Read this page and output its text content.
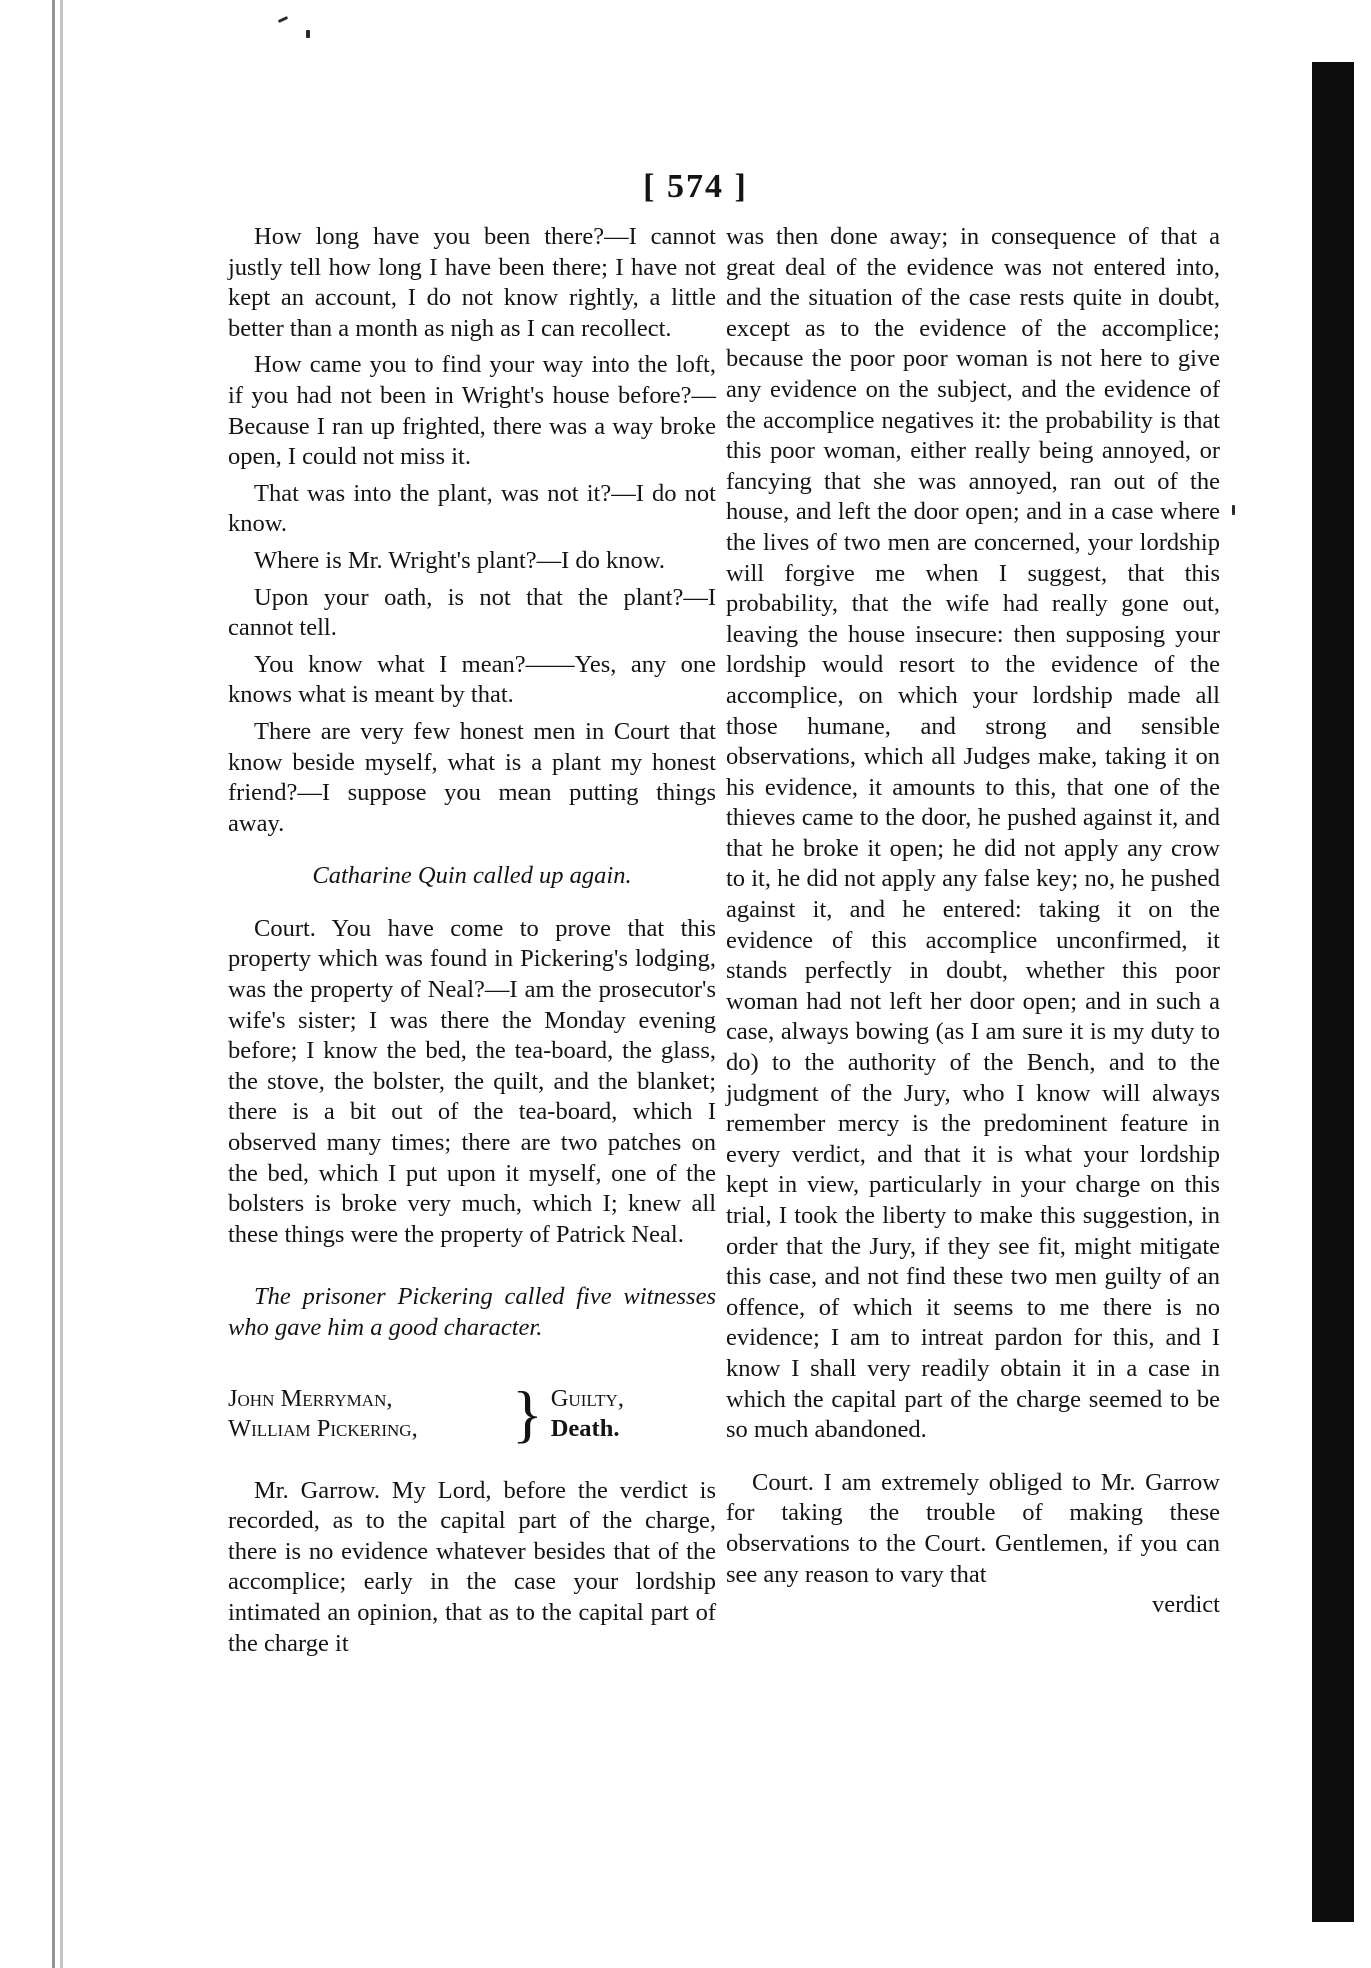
[ 574 ]

How long have you been there?—I cannot justly tell how long I have been there; I have not kept an account, I do not know rightly, a little better than a month as nigh as I can recollect.

How came you to find your way into the loft, if you had not been in Wright's house before?—Because I ran up frighted, there was a way broke open, I could not miss it.

That was into the plant, was not it?—I do not know.

Where is Mr. Wright's plant?—I do know.

Upon your oath, is not that the plant?—I cannot tell.

You know what I mean?——Yes, any one knows what is meant by that.

There are very few honest men in Court that know beside myself, what is a plant my honest friend?—I suppose you mean putting things away.

Catharine Quin called up again.

Court. You have come to prove that this property which was found in Pickering's lodging, was the property of Neal?—I am the prosecutor's wife's sister; I was there the Monday evening before; I know the bed, the tea-board, the glass, the stove, the bolster, the quilt, and the blanket; there is a bit out of the tea-board, which I observed many times; there are two patches on the bed, which I put upon it myself, one of the bolsters is broke very much, which I; knew all these things were the property of Patrick Neal.

The prisoner Pickering called five witnesses who gave him a good character.

John Merryman,
William Pickering,	} Guilty,
Death.

Mr. Garrow. My Lord, before the verdict is recorded, as to the capital part of the charge, there is no evidence whatever besides that of the accomplice; early in the case your lordship intimated an opinion, that as to the capital part of the charge it

was then done away; in consequence of that a great deal of the evidence was not entered into, and the situation of the case rests quite in doubt, except as to the evidence of the accomplice; because the poor poor woman is not here to give any evidence on the subject, and the evidence of the accomplice negatives it: the probability is that this poor woman, either really being annoyed, or fancying that she was annoyed, ran out of the house, and left the door open; and in a case where the lives of two men are concerned, your lordship will forgive me when I suggest, that this probability, that the wife had really gone out, leaving the house insecure: then supposing your lordship would resort to the evidence of the accomplice, on which your lordship made all those humane, and strong and sensible observations, which all Judges make, taking it on his evidence, it amounts to this, that one of the thieves came to the door, he pushed against it, and that he broke it open; he did not apply any crow to it, he did not apply any false key; no, he pushed against it, and he entered: taking it on the evidence of this accomplice unconfirmed, it stands perfectly in doubt, whether this poor woman had not left her door open; and in such a case, always bowing (as I am sure it is my duty to do) to the authority of the Bench, and to the judgment of the Jury, who I know will always remember mercy is the predominent feature in every verdict, and that it is what your lordship kept in view, particularly in your charge on this trial, I took the liberty to make this suggestion, in order that the Jury, if they see fit, might mitigate this case, and not find these two men guilty of an offence, of which it seems to me there is no evidence; I am to intreat pardon for this, and I know I shall very readily obtain it in a case in which the capital part of the charge seemed to be so much abandoned.

Court. I am extremely obliged to Mr. Garrow for taking the trouble of making these observations to the Court. Gentlemen, if you can see any reason to vary that

verdict
